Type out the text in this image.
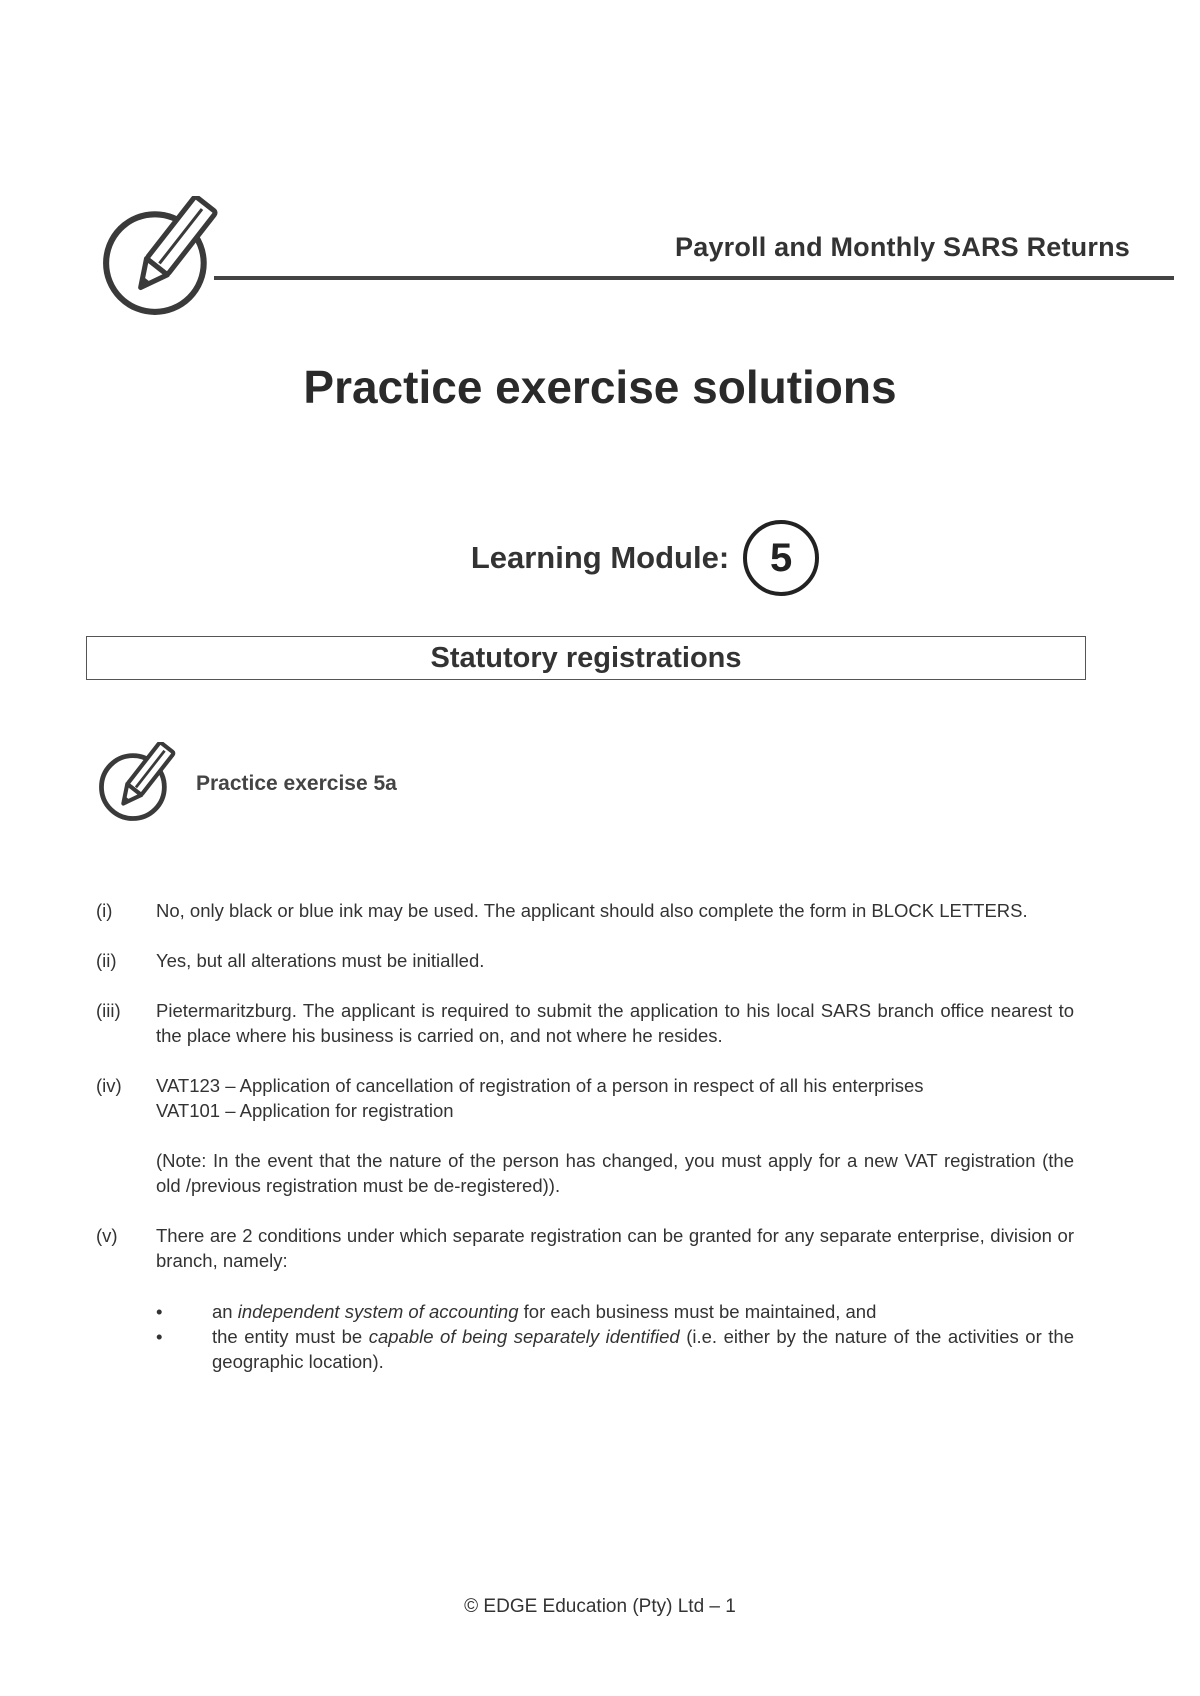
Payroll and Monthly SARS Returns
Practice exercise solutions
Learning Module:	5
Statutory registrations
Practice exercise 5a
(i) No, only black or blue ink may be used. The applicant should also complete the form in BLOCK LETTERS.
(ii) Yes, but all alterations must be initialled.
(iii) Pietermaritzburg. The applicant is required to submit the application to his local SARS branch office nearest to the place where his business is carried on, and not where he resides.
(iv) VAT123 – Application of cancellation of registration of a person in respect of all his enterprises
VAT101 – Application for registration
(Note: In the event that the nature of the person has changed, you must apply for a new VAT registration (the old /previous registration must be de-registered)).
(v) There are 2 conditions under which separate registration can be granted for any separate enterprise, division or branch, namely:
•	an independent system of accounting for each business must be maintained, and
•	the entity must be capable of being separately identified (i.e. either by the nature of the activities or the geographic location).
© EDGE Education (Pty) Ltd – 1
